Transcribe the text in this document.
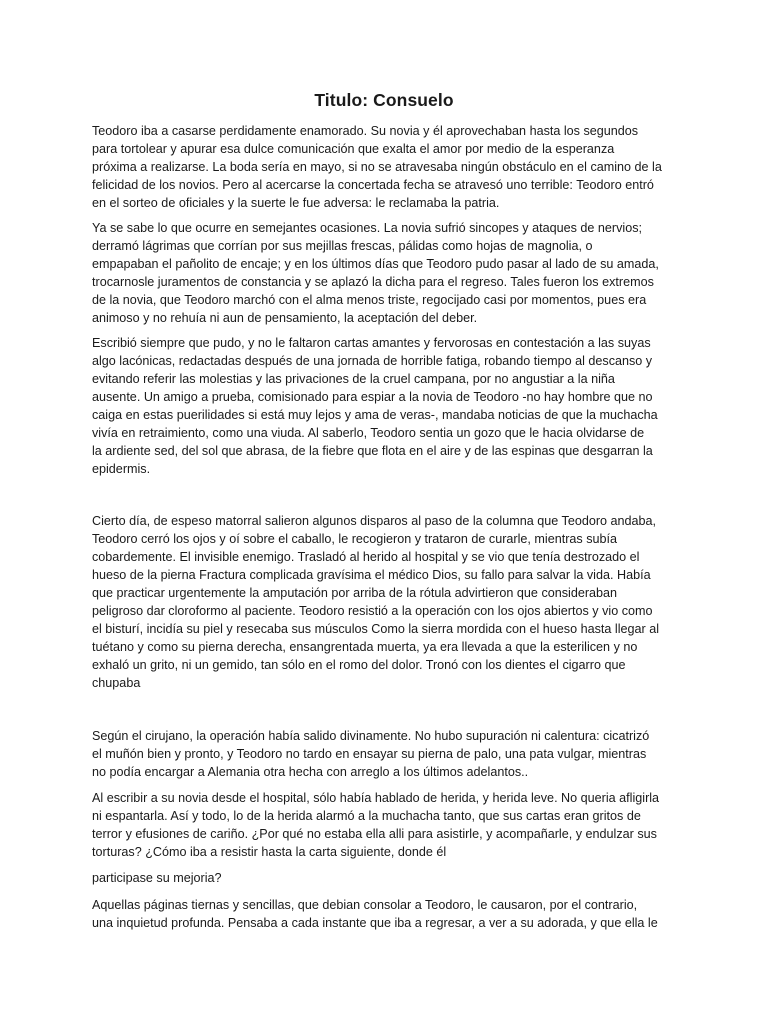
Titulo: Consuelo

Teodoro iba a casarse perdidamente enamorado. Su novia y él aprovechaban hasta los segundos
para tortolear y apurar esa dulce comunicación que exalta el amor por medio de la esperanza
próxima a realizarse. La boda sería en mayo, si no se atravesaba ningún obstáculo en el camino de la
felicidad de los novios. Pero al acercarse la concertada fecha se atravesó uno terrible: Teodoro entró
en el sorteo de oficiales y la suerte le fue adversa: le reclamaba la patria.

Ya se sabe lo que ocurre en semejantes ocasiones. La novia sufrió sincopes y ataques de nervios;
derramó lágrimas que corrían por sus mejillas frescas, pálidas como hojas de magnolia, o
empapaban el pañolito de encaje; y en los últimos días que Teodoro pudo pasar al lado de su amada,
trocarnosle juramentos de constancia y se aplazó la dicha para el regreso. Tales fueron los extremos
de la novia, que Teodoro marchó con el alma menos triste, regocijado casi por momentos, pues era
animoso y no rehuía ni aun de pensamiento, la aceptación del deber.

Escribió siempre que pudo, y no le faltaron cartas amantes y fervorosas en contestación a las suyas
algo lacónicas, redactadas después de una jornada de horrible fatiga, robando tiempo al descanso y
evitando referir las molestias y las privaciones de la cruel campana, por no angustiar a la niña
ausente. Un amigo a prueba, comisionado para espiar a la novia de Teodoro -no hay hombre que no
caiga en estas puerilidades si está muy lejos y ama de veras-, mandaba noticias de que la muchacha
vivía en retraimiento, como una viuda. Al saberlo, Teodoro sentia un gozo que le hacia olvidarse de
la ardiente sed, del sol que abrasa, de la fiebre que flota en el aire y de las espinas que desgarran la
epidermis.

Cierto día, de espeso matorral salieron algunos disparos al paso de la columna que Teodoro andaba,
Teodoro cerró los ojos y oí sobre el caballo, le recogieron y trataron de curarle, mientras subía
cobardemente. El invisible enemigo. Trasladó al herido al hospital y se vio que tenía destrozado el
hueso de la pierna Fractura complicada gravísima el médico Dios, su fallo para salvar la vida. Había
que practicar urgentemente la amputación por arriba de la rótula advirtieron que consideraban
peligroso dar cloroformo al paciente. Teodoro resistió a la operación con los ojos abiertos y vio como
el bisturí, incidía su piel y resecaba sus músculos Como la sierra mordida con el hueso hasta llegar al
tuétano y como su pierna derecha, ensangrentada muerta, ya era llevada a que la esterilicen y no
exhaló un grito, ni un gemido, tan sólo en el romo del dolor. Tronó con los dientes el cigarro que
chupaba

Según el cirujano, la operación había salido divinamente. No hubo supuración ni calentura: cicatrizó
el muñón bien y pronto, y Teodoro no tardo en ensayar su pierna de palo, una pata vulgar, mientras
no podía encargar a Alemania otra hecha con arreglo a los últimos adelantos..

Al escribir a su novia desde el hospital, sólo había hablado de herida, y herida leve. No queria afligirla
ni espantarla. Así y todo, lo de la herida alarmó a la muchacha tanto, que sus cartas eran gritos de
terror y efusiones de cariño. ¿Por qué no estaba ella alli para asistirle, y acompañarle, y endulzar sus
torturas? ¿Cómo iba a resistir hasta la carta siguiente, donde él

participase su mejoria?

Aquellas páginas tiernas y sencillas, que debian consolar a Teodoro, le causaron, por el contrario,
una inquietud profunda. Pensaba a cada instante que iba a regresar, a ver a su adorada, y que ella le
